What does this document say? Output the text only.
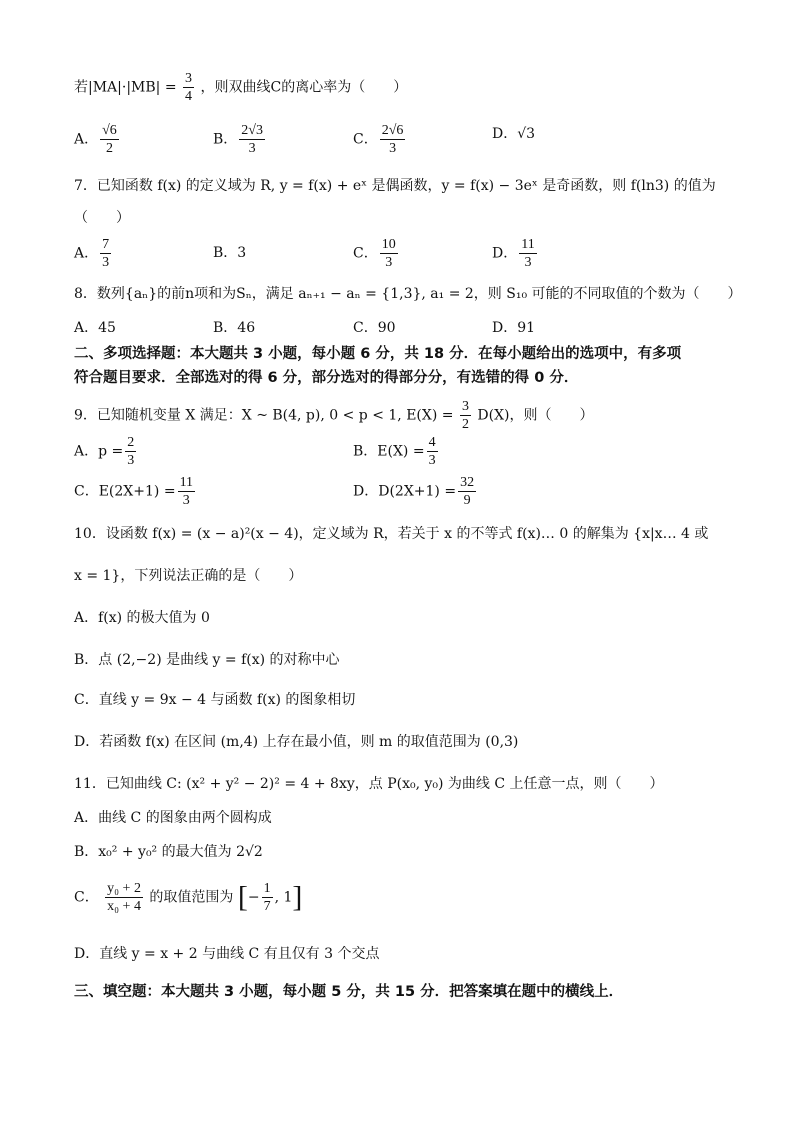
若$|MA|\cdot|MB| = \frac{3}{4}$ ，则双曲线C的离心率为（　　）
A． $\frac{√6}{2}$	B． $\frac{2√3}{3}$	C． $\frac{2√6}{3}$	D．√3
7．已知函数 f(x) 的定义域为 R, y = f(x) + eˣ 是偶函数，y = f(x) − 3eˣ 是奇函数，则 f(ln3) 的值为
（　　）
A． $\frac{7}{3}$	B．3	C． $\frac{10}{3}$	D． $\frac{11}{3}$
8．数列{aₙ}的前n项和为Sₙ，满足 aₙ₊₁ − aₙ = {1,3}, a₁ = 2，则 S₁₀ 可能的不同取值的个数为（　　）
A．45	B．46	C．90	D．91
二、多项选择题：本大题共 3 小题，每小题 6 分，共 18 分．在每小题给出的选项中，有多项
符合题目要求．全部选对的得 6 分，部分选对的得部分分，有选错的得 0 分．
9．已知随机变量 X 满足：X ~ B(4, p), 0 < p < 1, $E(X) = \frac{3}{2} D(X)$，则（　　）
A．$p = \frac{2}{3}$	B．$E(X) = \frac{4}{3}$
C．$E(2X+1) = \frac{11}{3}$	D．$D(2X+1) = \frac{32}{9}$
10．设函数 f(x) = (x − a)²(x − 4)，定义域为 R，若关于 x 的不等式 f(x)… 0 的解集为 {x|x… 4 或
x = 1}，下列说法正确的是（　　）
A．f(x) 的极大值为 0
B．点 (2,−2) 是曲线 y = f(x) 的对称中心
C．直线 y = 9x − 4 与函数 f(x) 的图象相切
D．若函数 f(x) 在区间 (m,4) 上存在最小值，则 m 的取值范围为 (0,3)
11．已知曲线 C: (x² + y² − 2)² = 4 + 8xy，点 P(x₀, y₀) 为曲线 C 上任意一点，则（　　）
A．曲线 C 的图象由两个圆构成
B．x₀² + y₀² 的最大值为 2√2
C． $\frac{\text{y₀ + 2}}{\text{x₀ + 4}}$ 的取值范围为 [− $\frac{1}{7}$ , 1]
D．直线 y = x + 2 与曲线 C 有且仅有 3 个交点
三、填空题：本大题共 3 小题，每小题 5 分，共 15 分．把答案填在题中的横线上．
